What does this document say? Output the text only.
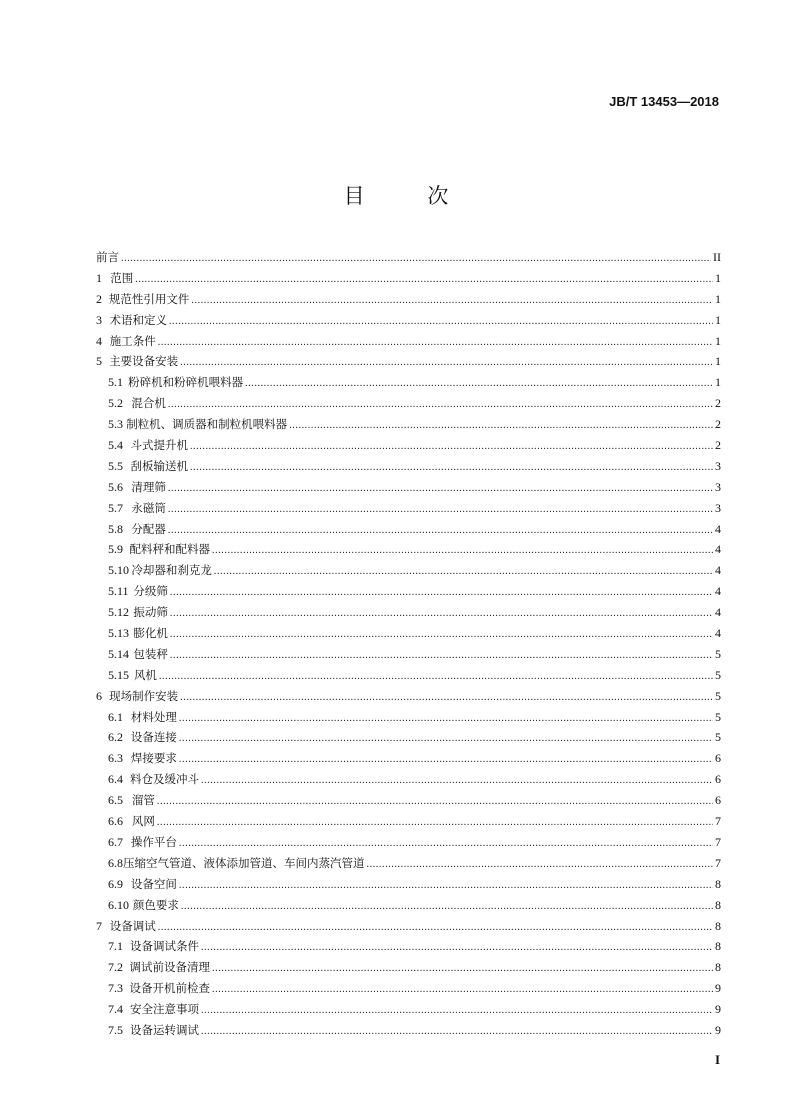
JB/T 13453—2018
目 次
前言 .....	II
1 范围 .....	1
2 规范性引用文件 .....	1
3 术语和定义 .....	1
4 施工条件 .....	1
5 主要设备安装 .....	1
5.1 粉碎机和粉碎机喂料器 .....	1
5.2 混合机 .....	2
5.3 制粒机、调质器和制粒机喂料器 .....	2
5.4 斗式提升机 .....	2
5.5 刮板输送机 .....	3
5.6 清理筛 .....	3
5.7 永磁筒 .....	3
5.8 分配器 .....	4
5.9 配料秤和配料器 .....	4
5.10 冷却器和刹克龙 .....	4
5.11 分级筛 .....	4
5.12 振动筛 .....	4
5.13 膨化机 .....	4
5.14 包装秤 .....	5
5.15 风机 .....	5
6 现场制作安装 .....	5
6.1 材料处理 .....	5
6.2 设备连接 .....	5
6.3 焊接要求 .....	6
6.4 料仓及缓冲斗 .....	6
6.5 溜管 .....	6
6.6 风网 .....	7
6.7 操作平台 .....	7
6.8 压缩空气管道、液体添加管道、车间内蒸汽管道 .....	7
6.9 设备空间 .....	8
6.10 颜色要求 .....	8
7 设备调试 .....	8
7.1 设备调试条件 .....	8
7.2 调试前设备清理 .....	8
7.3 设备开机前检查 .....	9
7.4 安全注意事项 .....	9
7.5 设备运转调试 .....	9
I
